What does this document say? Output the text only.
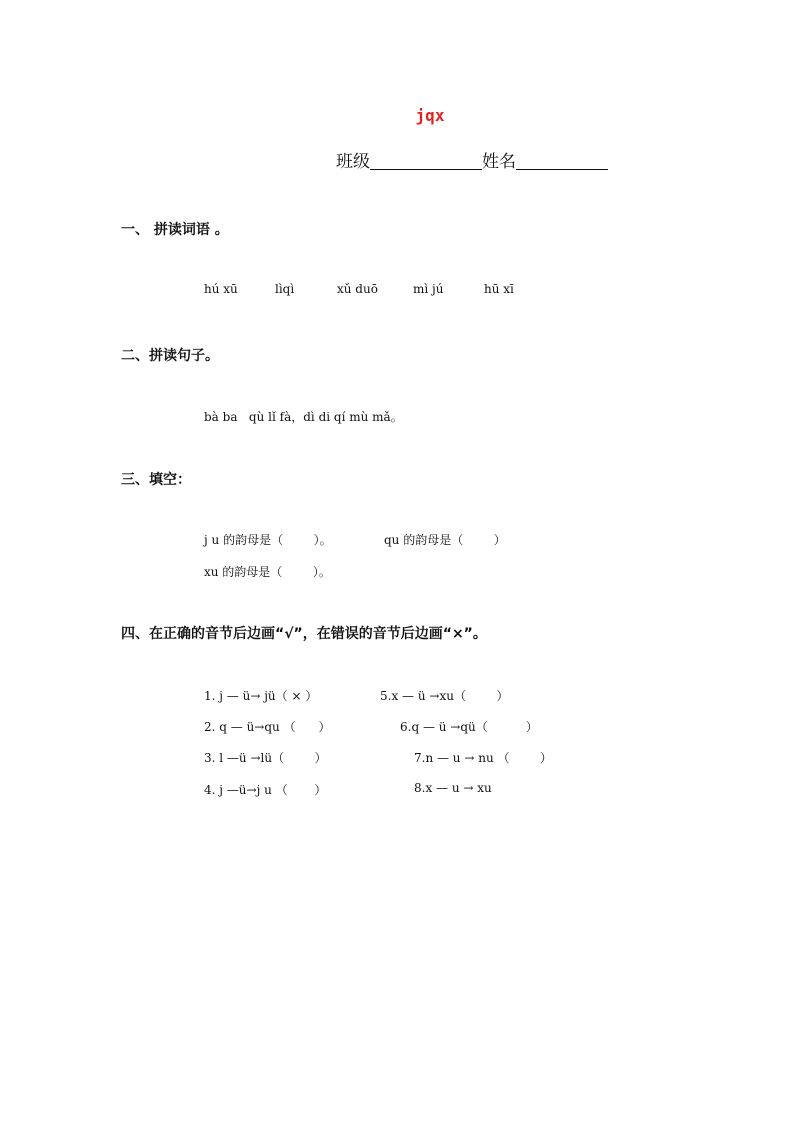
jqx
班级	姓名
一、 拼读词语 。
hú xū	lìqì	xǔ duō	mì jú	hū xī
二、拼读句子。
bà ba   qù lǐ fà，dì di qí mù mǎ。
三、填空：
j u 的韵母是（        ）。	qu 的韵母是（        ）
xu 的韵母是（        ）。
四、在正确的音节后边画“√”，在错误的音节后边画“×”。
1. j — ü→ jü（ × ）	5.x — ü →xu（        ）
2. q — ü→qu （      ）	6.q — ü →qü（          ）
3. l —ü →lü（        ）	7.n — u → nu （        ）
4. j —ü→j u （       ）	8.x — u → xu
